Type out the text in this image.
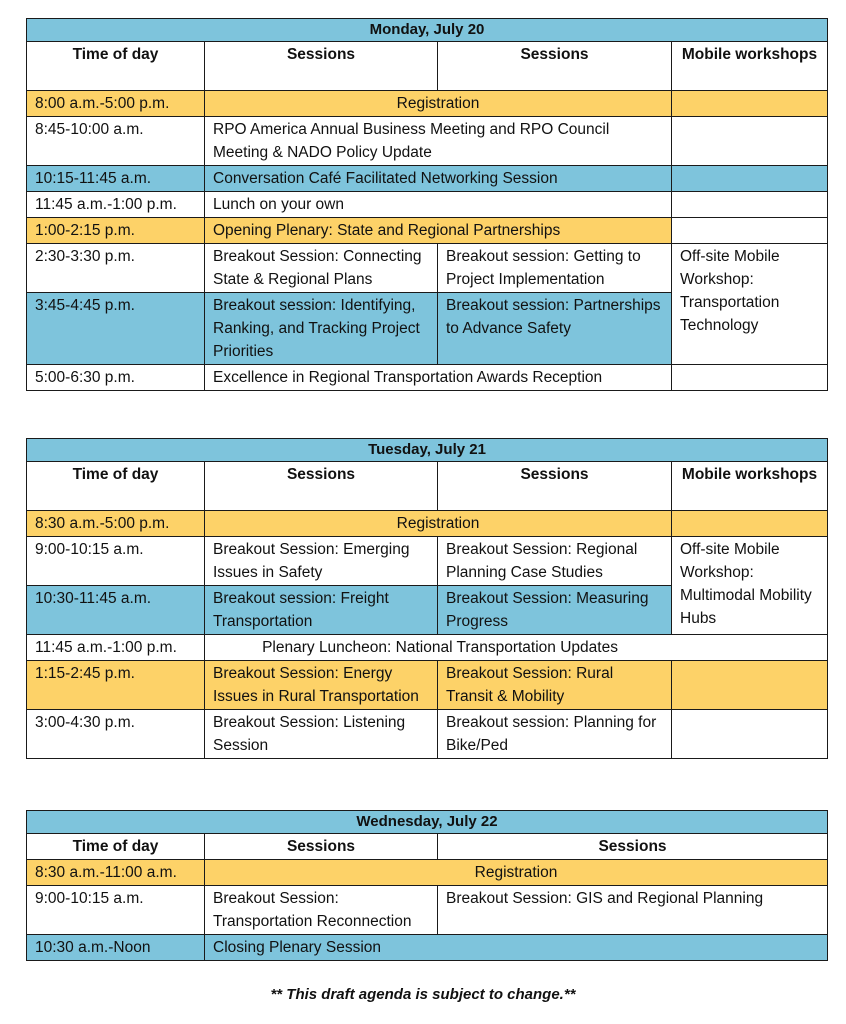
Monday, July 20			
Time of day	Sessions	Sessions	Mobile workshops
8:00 a.m.-5:00 p.m.	Registration		
8:45-10:00 a.m.	RPO America Annual Business Meeting and RPO Council Meeting & NADO Policy Update		
10:15-11:45 a.m.	Conversation Café Facilitated Networking Session		
11:45 a.m.-1:00 p.m.	Lunch on your own		
1:00-2:15 p.m.	Opening Plenary: State and Regional Partnerships		
2:30-3:30 p.m.	Breakout Session: Connecting State & Regional Plans	Breakout session: Getting to Project Implementation	Off-site Mobile Workshop: Transportation Technology
3:45-4:45 p.m.	Breakout session: Identifying, Ranking, and Tracking Project Priorities	Breakout session: Partnerships to Advance Safety	
5:00-6:30 p.m.	Excellence in Regional Transportation Awards Reception		
Tuesday, July 21			
Time of day	Sessions	Sessions	Mobile workshops
8:30 a.m.-5:00 p.m.	Registration		
9:00-10:15 a.m.	Breakout Session: Emerging Issues in Safety	Breakout Session: Regional Planning Case Studies	Off-site Mobile Workshop: Multimodal Mobility Hubs
10:30-11:45 a.m.	Breakout session: Freight Transportation	Breakout Session: Measuring Progress	
11:45 a.m.-1:00 p.m.	Plenary Luncheon: National Transportation Updates		
1:15-2:45 p.m.	Breakout Session: Energy Issues in Rural Transportation	Breakout Session: Rural Transit & Mobility	
3:00-4:30 p.m.	Breakout Session: Listening Session	Breakout session: Planning for Bike/Ped	
Wednesday, July 22		
Time of day	Sessions	Sessions
8:30 a.m.-11:00 a.m.	Registration	
9:00-10:15 a.m.	Breakout Session: Transportation Reconnection	Breakout Session: GIS and Regional Planning
10:30 a.m.-Noon	Closing Plenary Session	
** This draft agenda is subject to change.**
